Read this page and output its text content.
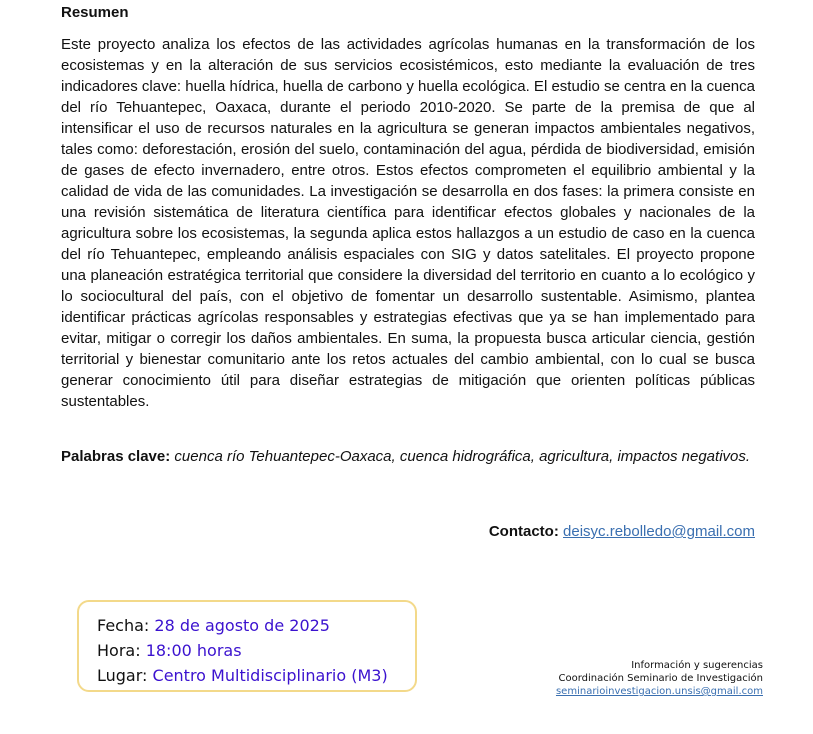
Resumen

Este proyecto analiza los efectos de las actividades agrícolas humanas en la transformación de los ecosistemas y en la alteración de sus servicios ecosistémicos, esto mediante la evaluación de tres indicadores clave: huella hídrica, huella de carbono y huella ecológica. El estudio se centra en la cuenca del río Tehuantepec, Oaxaca, durante el periodo 2010-2020. Se parte de la premisa de que al intensificar el uso de recursos naturales en la agricultura se generan impactos ambientales negativos, tales como: deforestación, erosión del suelo, contaminación del agua, pérdida de biodiversidad, emisión de gases de efecto invernadero, entre otros. Estos efectos comprometen el equilibrio ambiental y la calidad de vida de las comunidades. La investigación se desarrolla en dos fases: la primera consiste en una revisión sistemática de literatura científica para identificar efectos globales y nacionales de la agricultura sobre los ecosistemas, la segunda aplica estos hallazgos a un estudio de caso en la cuenca del río Tehuantepec, empleando análisis espaciales con SIG y datos satelitales. El proyecto propone una planeación estratégica territorial que considere la diversidad del territorio en cuanto a lo ecológico y lo sociocultural del país, con el objetivo de fomentar un desarrollo sustentable. Asimismo, plantea identificar prácticas agrícolas responsables y estrategias efectivas que ya se han implementado para evitar, mitigar o corregir los daños ambientales. En suma, la propuesta busca articular ciencia, gestión territorial y bienestar comunitario ante los retos actuales del cambio ambiental, con lo cual se busca generar conocimiento útil para diseñar estrategias de mitigación que orienten políticas públicas sustentables.

Palabras clave: cuenca río Tehuantepec-Oaxaca, cuenca hidrográfica, agricultura, impactos negativos.

Contacto: deisyc.rebolledo@gmail.com
Fecha: 28 de agosto de 2025
Hora: 18:00 horas
Lugar: Centro Multidisciplinario (M3)
Información y sugerencias
Coordinación Seminario de Investigación
seminarioinvestigacion.unsis@gmail.com
